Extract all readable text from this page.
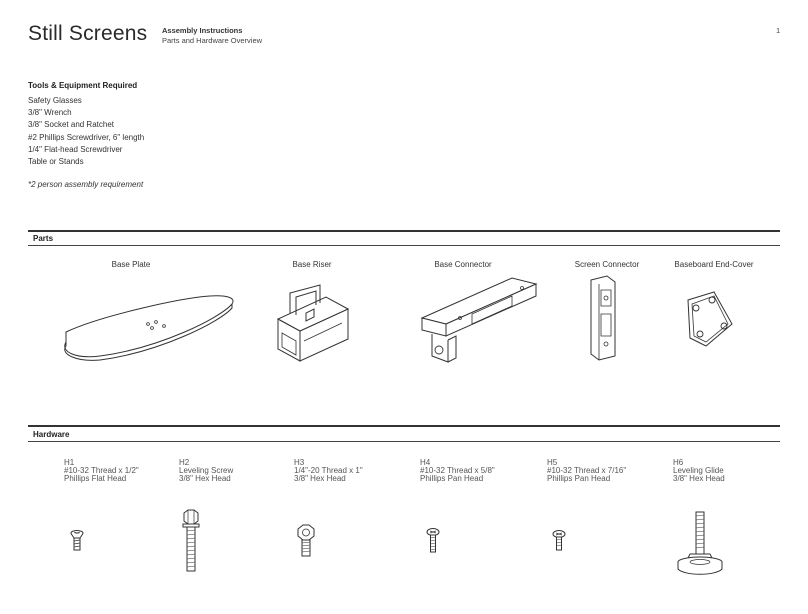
Still Screens Assembly Instructions
Parts and Hardware Overview
1
Tools & Equipment Required
Safety Glasses
3/8" Wrench
3/8" Socket and Ratchet
#2 Phillips Screwdriver, 6" length
1/4" Flat-head Screwdriver
Table or Stands
*2 person assembly requirement
Parts
Base Plate	Base Riser	Base Connector	Screen Connector	Baseboard End-Cover
Hardware
H1
#10-32 Thread x 1/2"
Phillips Flat Head
H2
Leveling Screw
3/8" Hex Head
H3
1/4"-20 Thread x 1"
3/8" Hex Head
H4
#10-32 Thread x 5/8"
Phillips Pan Head
H5
#10-32 Thread x 7/16"
Phillips Pan Head
H6
Leveling Glide
3/8" Hex Head
